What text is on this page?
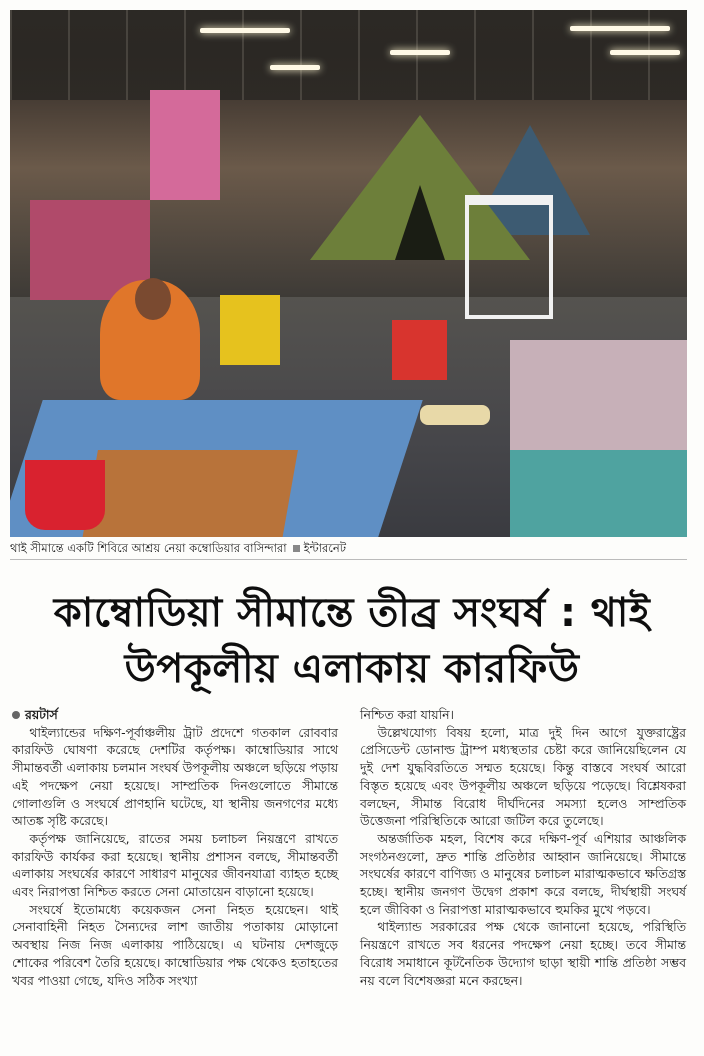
থাই সীমান্তে একটি শিবিরে আশ্রয় নেয়া কম্বোডিয়ার বাসিন্দারা ইন্টারনেট
কাম্বোডিয়া সীমান্তে তীব্র সংঘর্ষ : থাই
উপকূলীয় এলাকায় কারফিউ
রয়টার্স

থাইল্যান্ডের দক্ষিণ-পূর্বাঞ্চলীয় ট্রাট প্রদেশে গতকাল রোববার কারফিউ ঘোষণা করেছে দেশটির কর্তৃপক্ষ। কাম্বোডিয়ার সাথে সীমান্তবর্তী এলাকায় চলমান সংঘর্ষ উপকূলীয় অঞ্চলে ছড়িয়ে পড়ায় এই পদক্ষেপ নেয়া হয়েছে। সাম্প্রতিক দিনগুলোতে সীমান্তে গোলাগুলি ও সংঘর্ষে প্রাণহানি ঘটেছে, যা স্থানীয় জনগণের মধ্যে আতঙ্ক সৃষ্টি করেছে।

কর্তৃপক্ষ জানিয়েছে, রাতের সময় চলাচল নিয়ন্ত্রণে রাখতে কারফিউ কার্যকর করা হয়েছে। স্থানীয় প্রশাসন বলছে, সীমান্তবর্তী এলাকায় সংঘর্ষের কারণে সাধারণ মানুষের জীবনযাত্রা ব্যাহত হচ্ছে এবং নিরাপত্তা নিশ্চিত করতে সেনা মোতায়েন বাড়ানো হয়েছে।

সংঘর্ষে ইতোমধ্যে কয়েকজন সেনা নিহত হয়েছেন। থাই সেনাবাহিনী নিহত সৈন্যদের লাশ জাতীয় পতাকায় মোড়ানো অবস্থায় নিজ নিজ এলাকায় পাঠিয়েছে। এ ঘটনায় দেশজুড়ে শোকের পরিবেশ তৈরি হয়েছে। কাম্বোডিয়ার পক্ষ থেকেও হতাহতের খবর পাওয়া গেছে, যদিও সঠিক সংখ্যা

নিশ্চিত করা যায়নি।

উল্লেখযোগ্য বিষয় হলো, মাত্র দুই দিন আগে যুক্তরাষ্ট্রের প্রেসিডেন্ট ডোনাল্ড ট্রাম্প মধ্যস্থতার চেষ্টা করে জানিয়েছিলেন যে দুই দেশ যুদ্ধবিরতিতে সম্মত হয়েছে। কিন্তু বাস্তবে সংঘর্ষ আরো বিস্তৃত হয়েছে এবং উপকূলীয় অঞ্চলে ছড়িয়ে পড়েছে। বিশ্লেষকরা বলছেন, সীমান্ত বিরোধ দীর্ঘদিনের সমস্যা হলেও সাম্প্রতিক উত্তেজনা পরিস্থিতিকে আরো জটিল করে তুলেছে।

অন্তর্জাতিক মহল, বিশেষ করে দক্ষিণ-পূর্ব এশিয়ার আঞ্চলিক সংগঠনগুলো, দ্রুত শান্তি প্রতিষ্ঠার আহ্বান জানিয়েছে। সীমান্তে সংঘর্ষের কারণে বাণিজ্য ও মানুষের চলাচল মারাত্মকভাবে ক্ষতিগ্রস্ত হচ্ছে। স্থানীয় জনগণ উদ্বেগ প্রকাশ করে বলছে, দীর্ঘস্থায়ী সংঘর্ষ হলে জীবিকা ও নিরাপত্তা মারাত্মকভাবে হুমকির মুখে পড়বে।

থাইল্যান্ড সরকারের পক্ষ থেকে জানানো হয়েছে, পরিস্থিতি নিয়ন্ত্রণে রাখতে সব ধরনের পদক্ষেপ নেয়া হচ্ছে। তবে সীমান্ত বিরোধ সমাধানে কূটনৈতিক উদ্যোগ ছাড়া স্থায়ী শান্তি প্রতিষ্ঠা সম্ভব নয় বলে বিশেষজ্ঞরা মনে করছেন।
